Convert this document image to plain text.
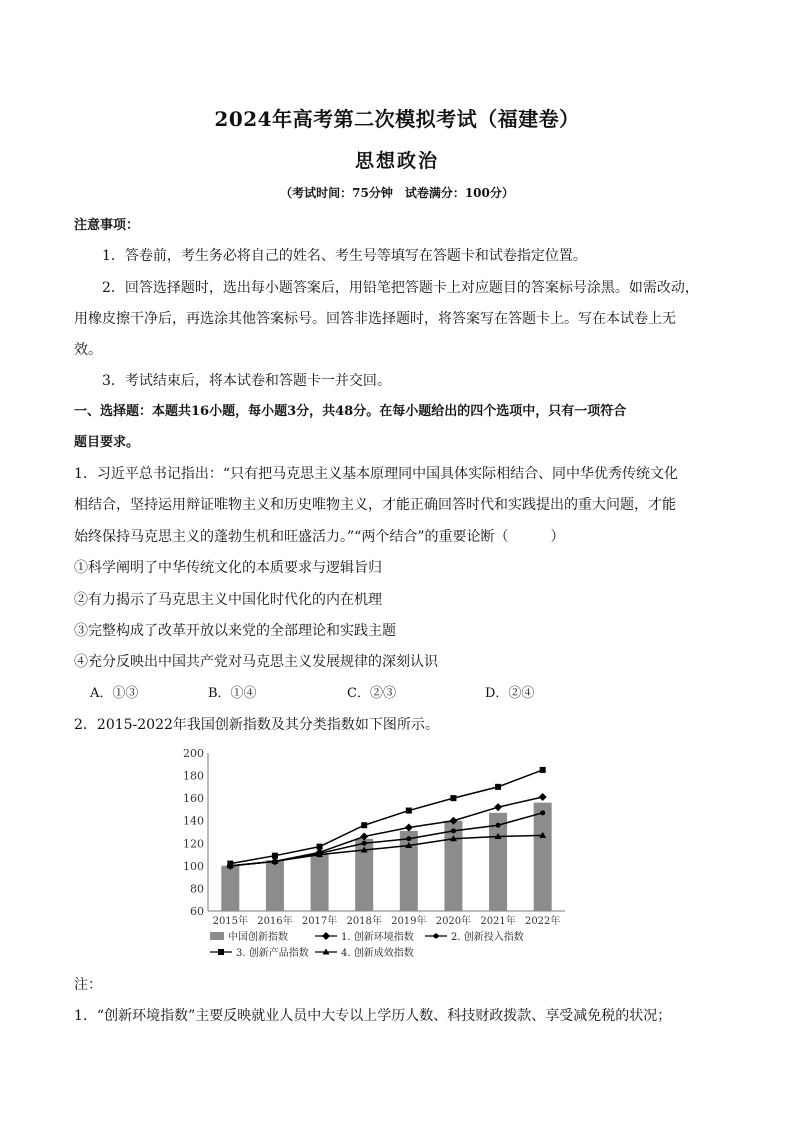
2024年高考第二次模拟考试（福建卷）
思想政治
（考试时间：75分钟　试卷满分：100分）
注意事项：
1．答卷前，考生务必将自己的姓名、考生号等填写在答题卡和试卷指定位置。
2．回答选择题时，选出每小题答案后，用铅笔把答题卡上对应题目的答案标号涂黑。如需改动，
用橡皮擦干净后，再选涂其他答案标号。回答非选择题时，将答案写在答题卡上。写在本试卷上无
效。
3．考试结束后，将本试卷和答题卡一并交回。
一、选择题：本题共16小题，每小题3分，共48分。在每小题给出的四个选项中，只有一项符合
题目要求。
1．习近平总书记指出：“只有把马克思主义基本原理同中国具体实际相结合、同中华优秀传统文化
相结合，坚持运用辩证唯物主义和历史唯物主义，才能正确回答时代和实践提出的重大问题，才能
始终保持马克思主义的蓬勃生机和旺盛活力。”“两个结合”的重要论断（　　　）
①科学阐明了中华传统文化的本质要求与逻辑旨归
②有力揭示了马克思主义中国化时代化的内在机理
③完整构成了改革开放以来党的全部理论和实践主题
④充分反映出中国共产党对马克思主义发展规律的深刻认识
A．①③	B．①④	C．②③	D．②④
2．2015-2022年我国创新指数及其分类指数如下图所示。
60
80
100
120
140
160
180
200
2015年 2016年 2017年 2018年 2019年 2020年 2021年 2022年
中国创新指数	1. 创新环境指数	2. 创新投入指数
3. 创新产品指数	4. 创新成效指数
注：
1．“创新环境指数”主要反映就业人员中大专以上学历人数、科技财政拨款、享受减免税的状况；
